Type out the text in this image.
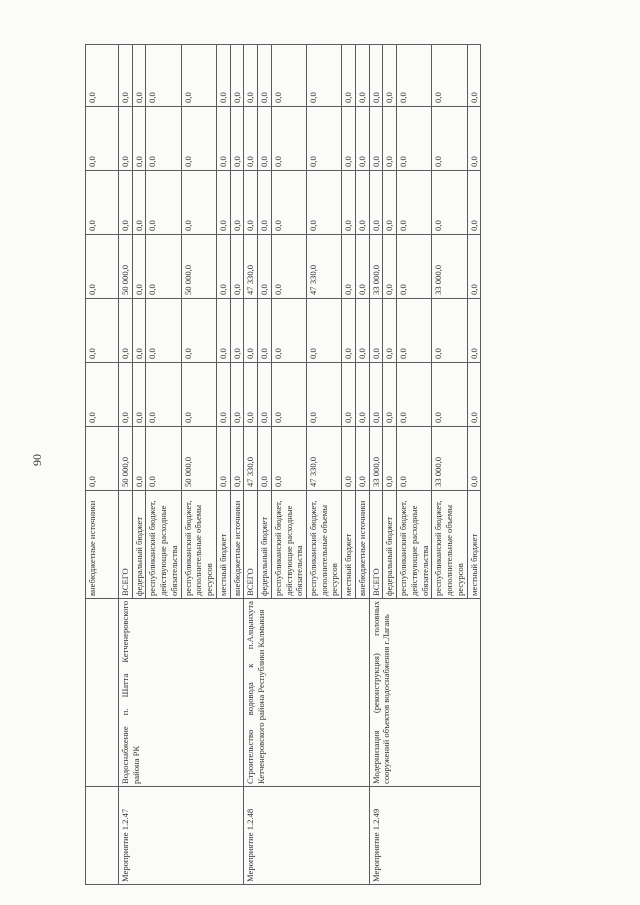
90
		внебюджетные источники	0,0	0,0	0,0	0,0	0,0	0,0	0,0
Мероприятие 1.2.47	Водоснабжение п. Шатта Кетченеровского района РК	ВСЕГО	50 000,0	0,0	0,0	50 000,0	0,0	0,0	0,0
		федеральный бюджет	0,0	0,0	0,0	0,0	0,0	0,0	0,0
		республиканский бюджет, действующие расходные обязательства	0,0	0,0	0,0	0,0	0,0	0,0	0,0
		республиканский бюджет, дополнительные объемы ресурсов	50 000,0	0,0	0,0	50 000,0	0,0	0,0	0,0
		местный бюджет	0,0	0,0	0,0	0,0	0,0	0,0	0,0
		внебюджетные источники	0,0	0,0	0,0	0,0	0,0	0,0	0,0
Мероприятие 1.2.48	Строительство водовода к п.Алцынхута Кетченеровского района Республики Калмыкия	ВСЕГО	47 330,0	0,0	0,0	47 330,0	0,0	0,0	0,0
		федеральный бюджет	0,0	0,0	0,0	0,0	0,0	0,0	0,0
		республиканский бюджет, действующие расходные обязательства	0,0	0,0	0,0	0,0	0,0	0,0	0,0
		республиканский бюджет, дополнительные объемы ресурсов	47 330,0	0,0	0,0	47 330,0	0,0	0,0	0,0
		местный бюджет	0,0	0,0	0,0	0,0	0,0	0,0	0,0
		внебюджетные источники	0,0	0,0	0,0	0,0	0,0	0,0	0,0
Мероприятие 1.2.49	Модернизация (реконструкция) головных сооружений объектов водоснабжения г.Лагань	ВСЕГО	33 000,0	0,0	0,0	33 000,0	0,0	0,0	0,0
		федеральный бюджет	0,0	0,0	0,0	0,0	0,0	0,0	0,0
		республиканский бюджет, действующие расходные обязательства	0,0	0,0	0,0	0,0	0,0	0,0	0,0
		республиканский бюджет, дополнительные объемы ресурсов	33 000,0	0,0	0,0	33 000,0	0,0	0,0	0,0
		местный бюджет	0,0	0,0	0,0	0,0	0,0	0,0	0,0
